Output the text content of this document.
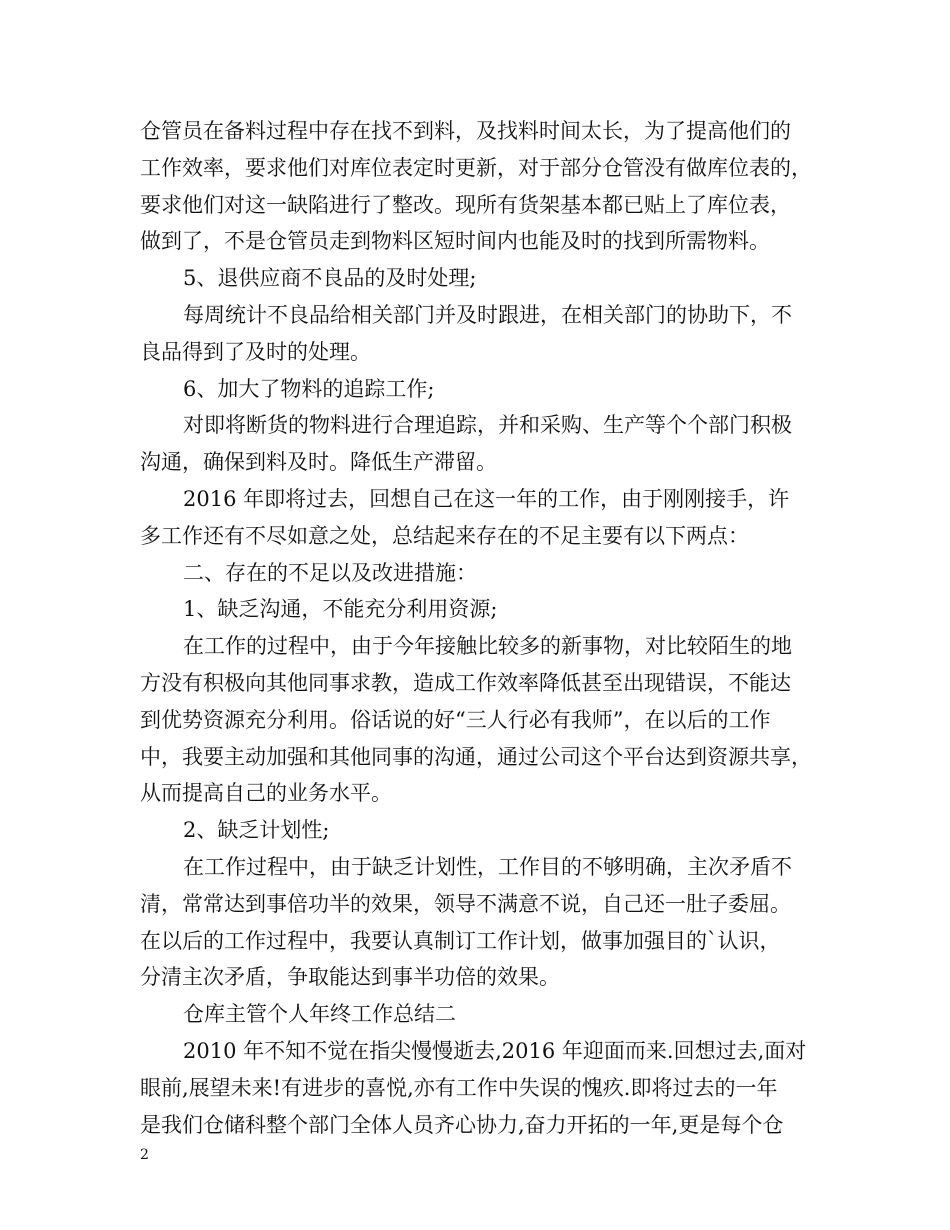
仓管员在备料过程中存在找不到料，及找料时间太长，为了提高他们的
工作效率，要求他们对库位表定时更新，对于部分仓管没有做库位表的，
要求他们对这一缺陷进行了整改。现所有货架基本都已贴上了库位表，
做到了，不是仓管员走到物料区短时间内也能及时的找到所需物料。
5、退供应商不良品的及时处理;
每周统计不良品给相关部门并及时跟进，在相关部门的协助下，不
良品得到了及时的处理。
6、加大了物料的追踪工作;
对即将断货的物料进行合理追踪，并和采购、生产等个个部门积极
沟通，确保到料及时。降低生产滞留。
2016 年即将过去，回想自己在这一年的工作，由于刚刚接手，许
多工作还有不尽如意之处，总结起来存在的不足主要有以下两点：
二、存在的不足以及改进措施：
1、缺乏沟通，不能充分利用资源;
在工作的过程中，由于今年接触比较多的新事物，对比较陌生的地
方没有积极向其他同事求教，造成工作效率降低甚至出现错误，不能达
到优势资源充分利用。俗话说的好“三人行必有我师”，在以后的工作
中，我要主动加强和其他同事的沟通，通过公司这个平台达到资源共享，
从而提高自己的业务水平。
2、缺乏计划性;
在工作过程中，由于缺乏计划性，工作目的不够明确，主次矛盾不
清，常常达到事倍功半的效果，领导不满意不说，自己还一肚子委屈。
在以后的工作过程中，我要认真制订工作计划，做事加强目的`认识，
分清主次矛盾，争取能达到事半功倍的效果。
仓库主管个人年终工作总结二
2010 年不知不觉在指尖慢慢逝去,2016 年迎面而来.回想过去,面对
眼前,展望未来!有进步的喜悦,亦有工作中失误的愧疚.即将过去的一年
是我们仓储科整个部门全体人员齐心协力,奋力开拓的一年,更是每个仓
2
